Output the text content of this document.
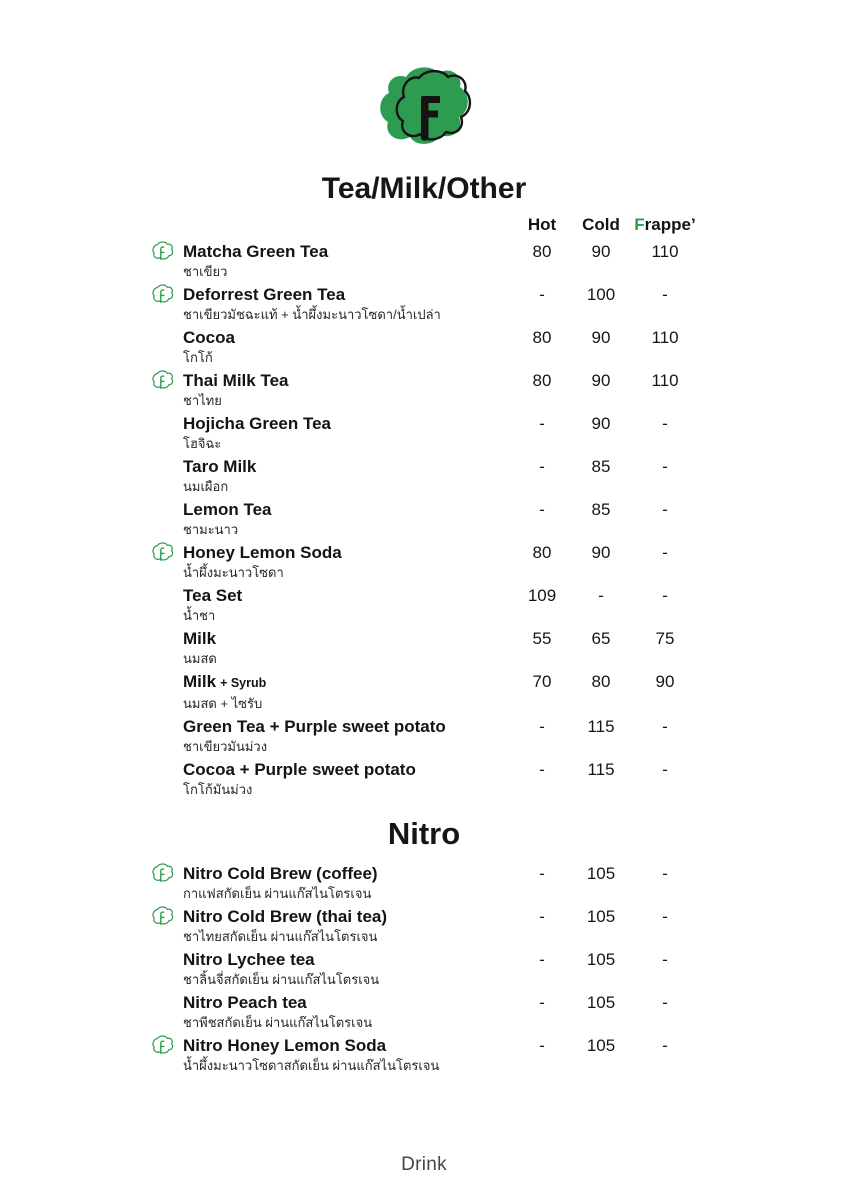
Tea/Milk/Other
Hot	Cold Frappe’
Matcha Green Tea
ชาเขียว
80	90	110
Deforrest Green Tea
ชาเขียวมัชฉะแท้ + น้ำผึ้งมะนาวโซดา/น้ำเปล่า
-	100	-
Cocoa
โกโก้
80	90	110
Thai Milk Tea
ชาไทย
80	90	110
Hojicha Green Tea
โฮจิฉะ
-	90	-
Taro Milk
นมเผือก
-	85	-
Lemon Tea
ชามะนาว
-	85	-
Honey Lemon Soda
น้ำผึ้งมะนาวโซดา
80	90	-
Tea Set
น้ำชา
109	-	-
Milk
นมสด
55	65	75
Milk + Syrub
นมสด + ไซรับ
70	80	90
Green Tea + Purple sweet potato
ชาเขียวมันม่วง
-	115	-
Cocoa + Purple sweet potato
โกโก้มันม่วง
-	115	-
Nitro
Nitro Cold Brew (coffee)
กาแฟสกัดเย็น ผ่านแก๊สไนโตรเจน
-	105	-
Nitro Cold Brew (thai tea)
ชาไทยสกัดเย็น ผ่านแก๊สไนโตรเจน
-	105	-
Nitro Lychee tea
ชาลิ้นจี่สกัดเย็น ผ่านแก๊สไนโตรเจน
-	105	-
Nitro Peach tea
ชาพีชสกัดเย็น ผ่านแก๊สไนโตรเจน
-	105	-
Nitro Honey Lemon Soda
น้ำผึ้งมะนาวโซดาสกัดเย็น ผ่านแก๊สไนโตรเจน
-	105	-
Drink
